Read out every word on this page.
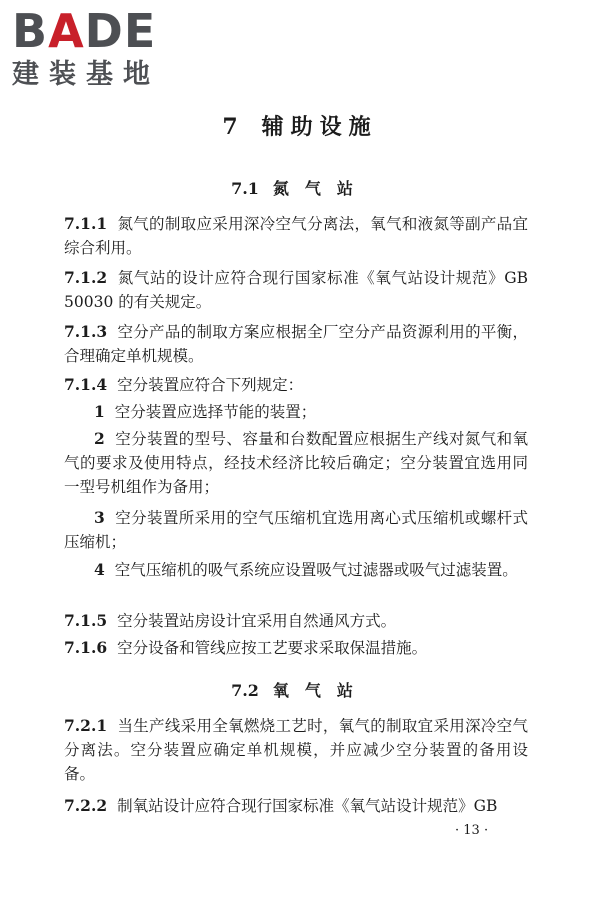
B A DE
建装基地
7 辅助设施
7.1 氮气站
7.1.1 氮气的制取应采用深冷空气分离法，氧气和液氮等副产品宜综合利用。
7.1.2 氮气站的设计应符合现行国家标准《氧气站设计规范》GB 50030 的有关规定。
7.1.3 空分产品的制取方案应根据全厂空分产品资源利用的平衡，合理确定单机规模。
7.1.4 空分装置应符合下列规定：
1 空分装置应选择节能的装置；
2 空分装置的型号、容量和台数配置应根据生产线对氮气和氧气的要求及使用特点，经技术经济比较后确定；空分装置宜选用同一型号机组作为备用；
3 空分装置所采用的空气压缩机宜选用离心式压缩机或螺杆式压缩机；
4 空气压缩机的吸气系统应设置吸气过滤器或吸气过滤装置。
7.1.5 空分装置站房设计宜采用自然通风方式。
7.1.6 空分设备和管线应按工艺要求采取保温措施。
7.2 氧气站
7.2.1 当生产线采用全氧燃烧工艺时，氧气的制取宜采用深冷空气分离法。空分装置应确定单机规模，并应减少空分装置的备用设备。
7.2.2 制氧站设计应符合现行国家标准《氧气站设计规范》GB
· 13 ·
